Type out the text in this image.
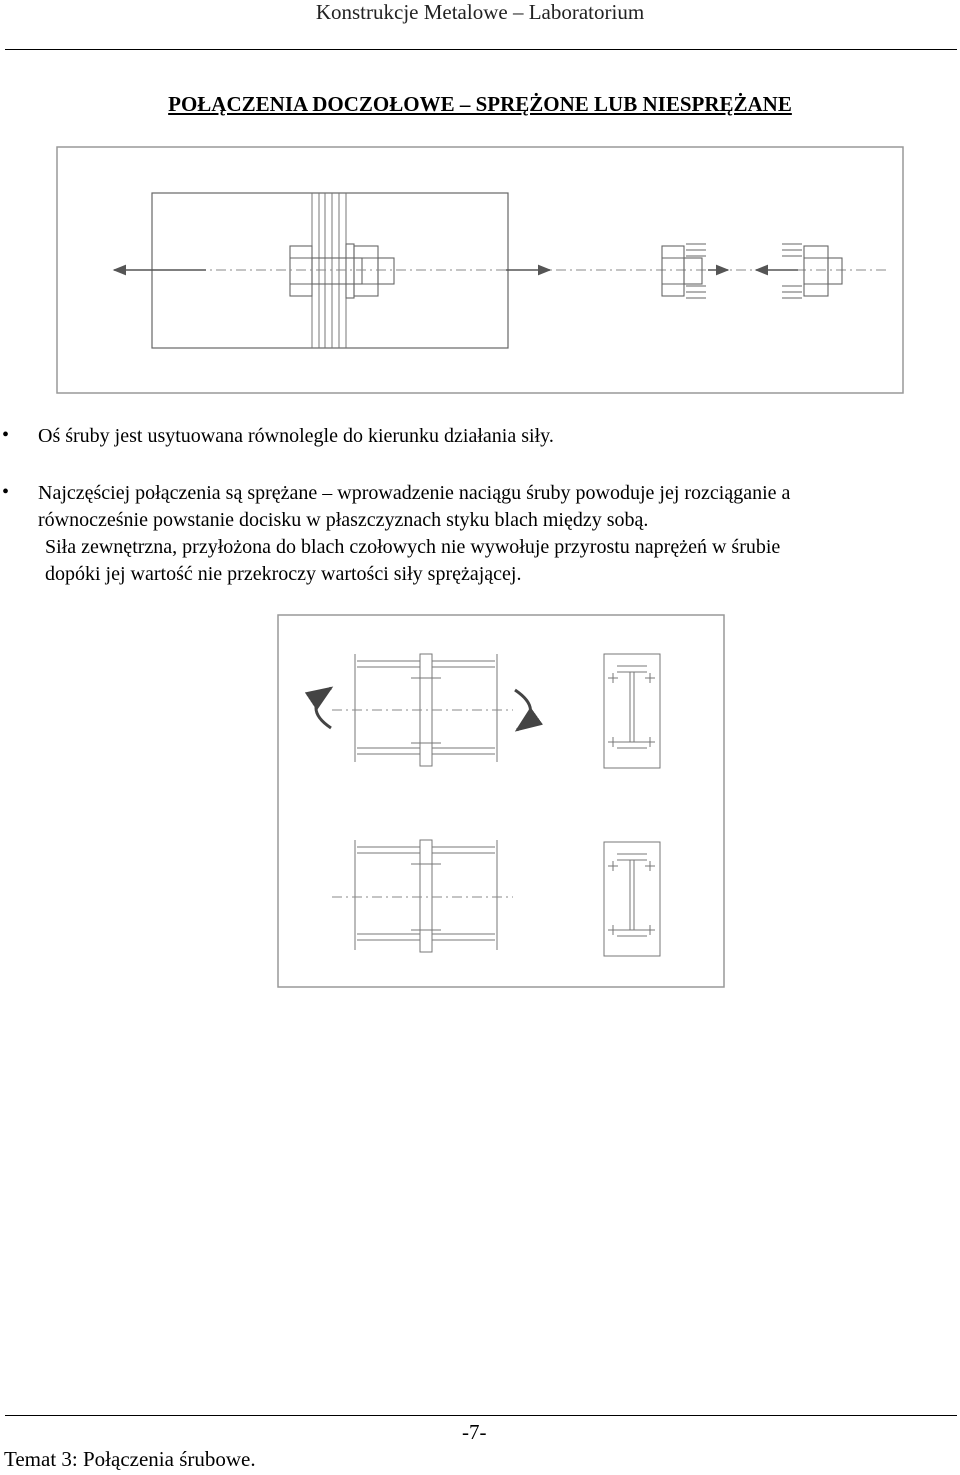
Konstrukcje Metalowe – Laboratorium
POŁĄCZENIA DOCZOŁOWE – SPRĘŻONE LUB NIESPRĘŻANE
• Oś śruby jest usytuowana równolegle do kierunku działania siły.
• Najczęściej połączenia są sprężane – wprowadzenie naciągu śruby powoduje jej rozciąganie a
równocześnie powstanie docisku w płaszczyznach styku blach między sobą.
Siła zewnętrzna, przyłożona do blach czołowych nie wywołuje przyrostu naprężeń w śrubie
dopóki jej wartość nie przekroczy wartości siły sprężającej.
-7-
Temat 3: Połączenia śrubowe.
